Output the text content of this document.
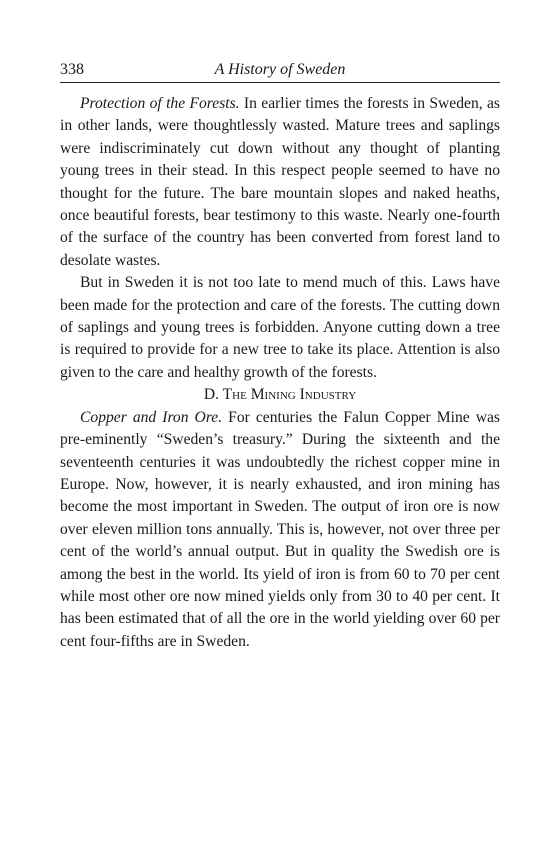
338	A History of Sweden

Protection of the Forests. In earlier times the forests in Sweden, as in other lands, were thoughtlessly wasted. Mature trees and saplings were indiscriminately cut down without any thought of planting young trees in their stead. In this respect people seemed to have no thought for the future. The bare mountain slopes and naked heaths, once beautiful forests, bear testimony to this waste. Nearly one-fourth of the surface of the country has been converted from forest land to desolate wastes.

But in Sweden it is not too late to mend much of this. Laws have been made for the protection and care of the forests. The cutting down of saplings and young trees is forbidden. Anyone cutting down a tree is required to provide for a new tree to take its place. Attention is also given to the care and healthy growth of the forests.

D. The Mining Industry

Copper and Iron Ore. For centuries the Falun Copper Mine was pre-eminently “Sweden’s treasury.” During the sixteenth and the seventeenth centuries it was undoubtedly the richest copper mine in Europe. Now, however, it is nearly exhausted, and iron mining has become the most important in Sweden. The output of iron ore is now over eleven million tons annually. This is, however, not over three per cent of the world’s annual output. But in quality the Swedish ore is among the best in the world. Its yield of iron is from 60 to 70 per cent while most other ore now mined yields only from 30 to 40 per cent. It has been estimated that of all the ore in the world yielding over 60 per cent four-fifths are in Sweden.
